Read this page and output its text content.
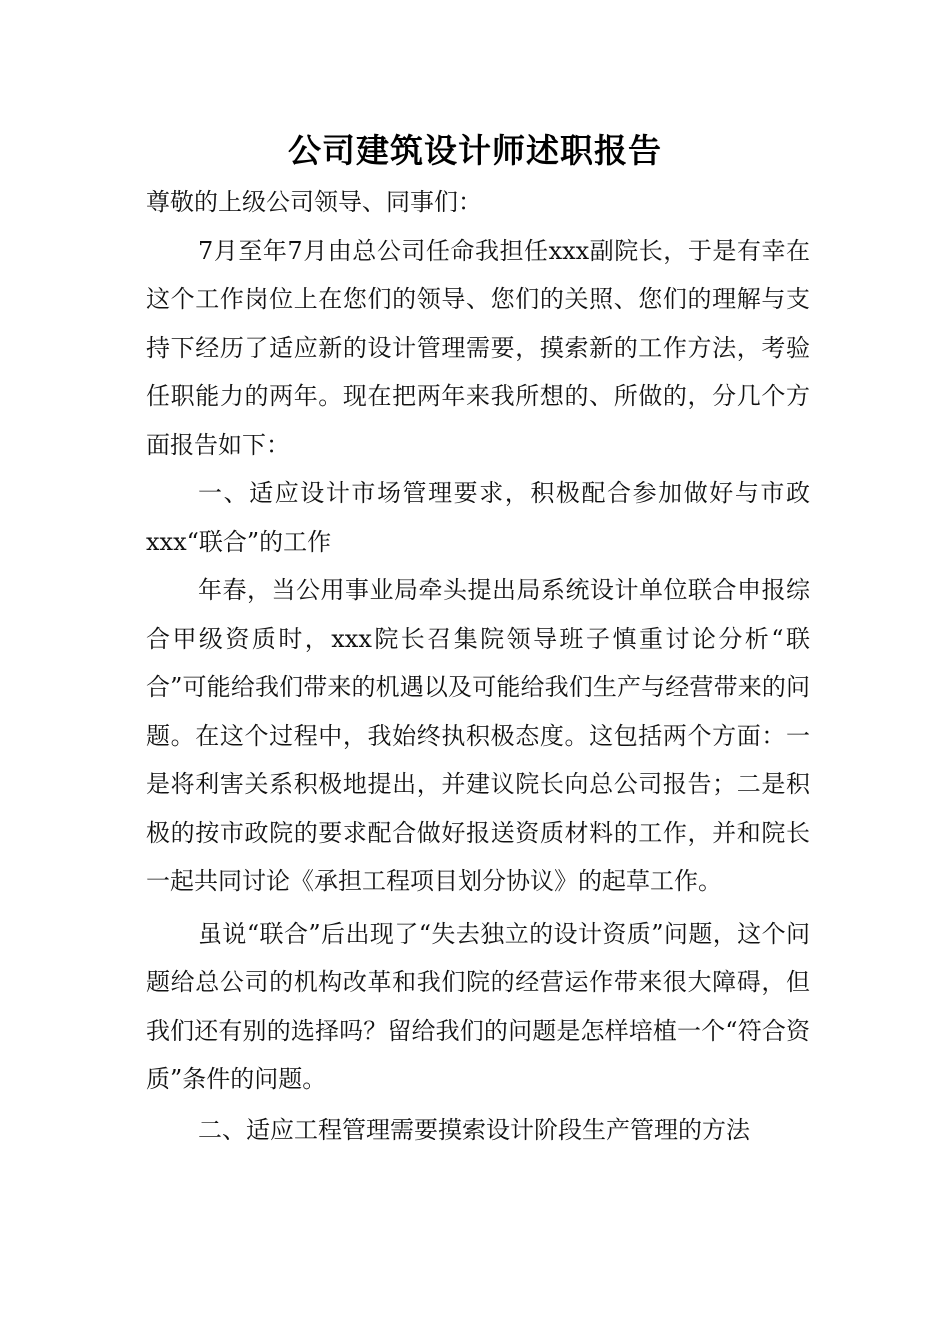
公司建筑设计师述职报告

尊敬的上级公司领导、同事们：

7月至年7月由总公司任命我担任xxx副院长，于是有幸在这个工作岗位上在您们的领导、您们的关照、您们的理解与支持下经历了适应新的设计管理需要，摸索新的工作方法，考验任职能力的两年。现在把两年来我所想的、所做的，分几个方面报告如下：

一、适应设计市场管理要求，积极配合参加做好与市政xxx“联合”的工作

年春，当公用事业局牵头提出局系统设计单位联合申报综合甲级资质时，xxx院长召集院领导班子慎重讨论分析“联合”可能给我们带来的机遇以及可能给我们生产与经营带来的问题。在这个过程中，我始终执积极态度。这包括两个方面：一是将利害关系积极地提出，并建议院长向总公司报告；二是积极的按市政院的要求配合做好报送资质材料的工作，并和院长一起共同讨论《承担工程项目划分协议》的起草工作。

虽说“联合”后出现了“失去独立的设计资质”问题，这个问题给总公司的机构改革和我们院的经营运作带来很大障碍，但我们还有别的选择吗？留给我们的问题是怎样培植一个“符合资质”条件的问题。

二、适应工程管理需要摸索设计阶段生产管理的方法
